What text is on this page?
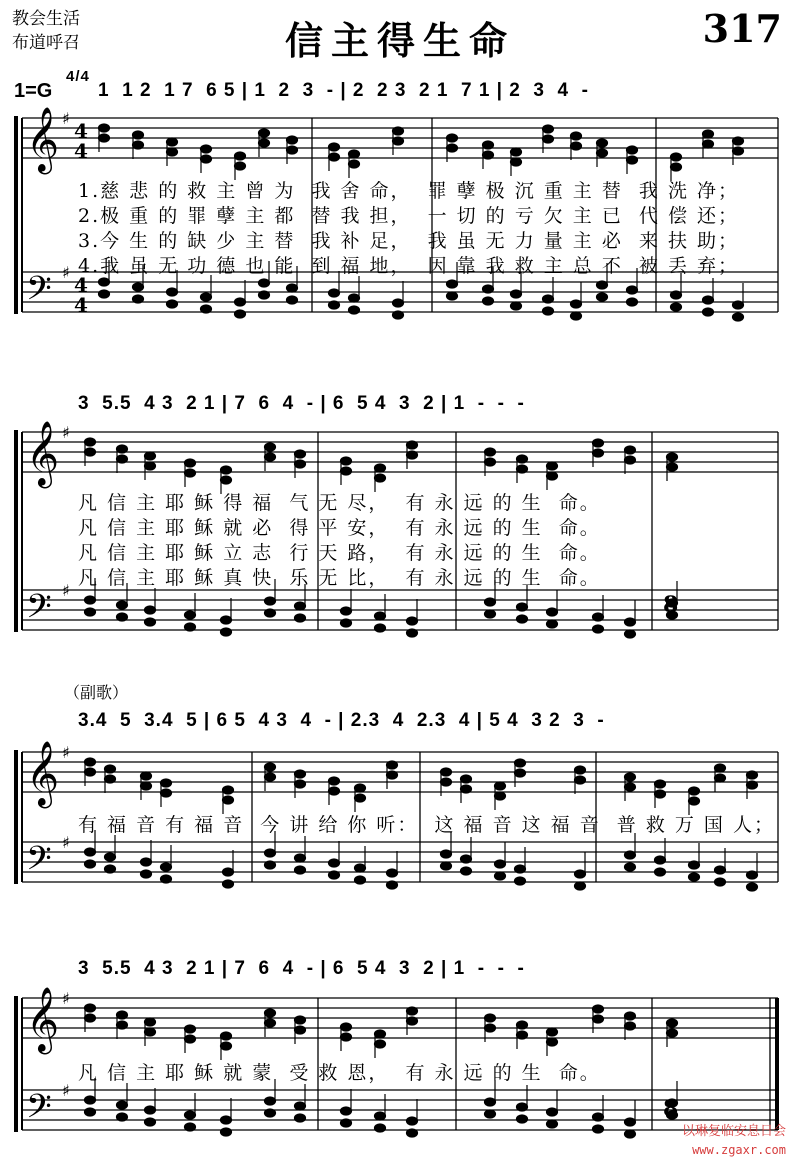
教会生活
布道呼召	信主得生命	317
1=G
4/4
1  1 2  1 7  6 5 | 1  2  3  - | 2  2 3  2 1  7 1 | 2  3  4  -
3  5.5  4 3  2 1 | 7  6  4  - | 6  5 4  3  2 | 1  -  -  -
3.4  5  3.4  5 | 6 5  4 3  4  - | 2.3  4  2.3  4 | 5 4  3 2  3  -
3  5.5  4 3  2 1 | 7  6  4  - | 6  5 4  3  2 | 1  -  -  -
𝄞
𝄢
𝄞
𝄢
𝄞
𝄢
𝄞
𝄢
♯
♯
♯
♯
♯
♯
♯
♯
4
4
4
4
8
8
1.慈 悲 的 救 主 曾 为  我 舍 命，  罪 孽 极 沉 重 主 替  我 洗 净；
2.极 重 的 罪 孽 主 都  替 我 担，  一 切 的 亏 欠 主 已  代 偿 还；
3.今 生 的 缺 少 主 替  我 补 足，  我 虽 无 力 量 主 必  来 扶 助；
4.我 虽 无 功 德 也 能  到 福 地，  因 靠 我 救 主 总 不  被 丢 弃；
凡 信 主 耶 稣 得 福  气 无 尽，  有 永 远 的 生  命。
凡 信 主 耶 稣 就 必  得 平 安，  有 永 远 的 生  命。
凡 信 主 耶 稣 立 志  行 天 路，  有 永 远 的 生  命。
凡 信 主 耶 稣 真 快  乐 无 比，  有 永 远 的 生  命。
（副歌）
有 福 音 有 福 音  今 讲 给 你 听：  这 福 音 这 福 音  普 救 万 国 人；
凡 信 主 耶 稣 就 蒙  受 救 恩，  有 永 远 的 生  命。
以琳复临安息日会
www.zgaxr.com
